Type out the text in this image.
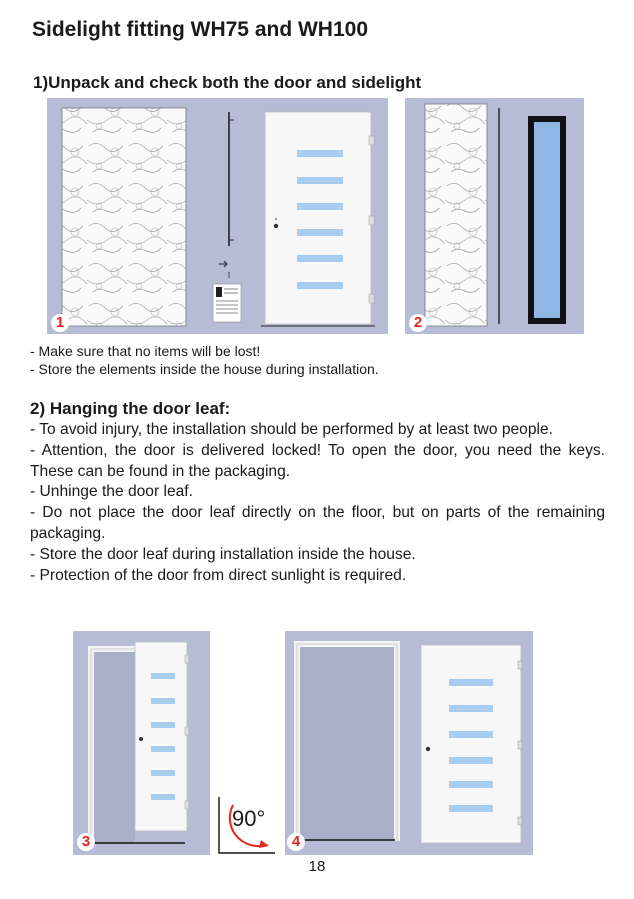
Sidelight fitting WH75 and WH100
1)Unpack and check both the door and sidelight
1	2
- Make sure that no items will be lost!
- Store the elements inside the house during installation.
2) Hanging the door leaf:

- To avoid injury, the installation should be performed by at least two people.

- Attention, the door is delivered locked! To open the door, you need the keys. These can be found in the packaging.

- Unhinge the door leaf.

- Do not place the door leaf directly on the floor, but on parts of the remaining packaging.

- Store the door leaf during installation inside the house.

- Protection of the door from direct sunlight is required.

3
90°
4
18
